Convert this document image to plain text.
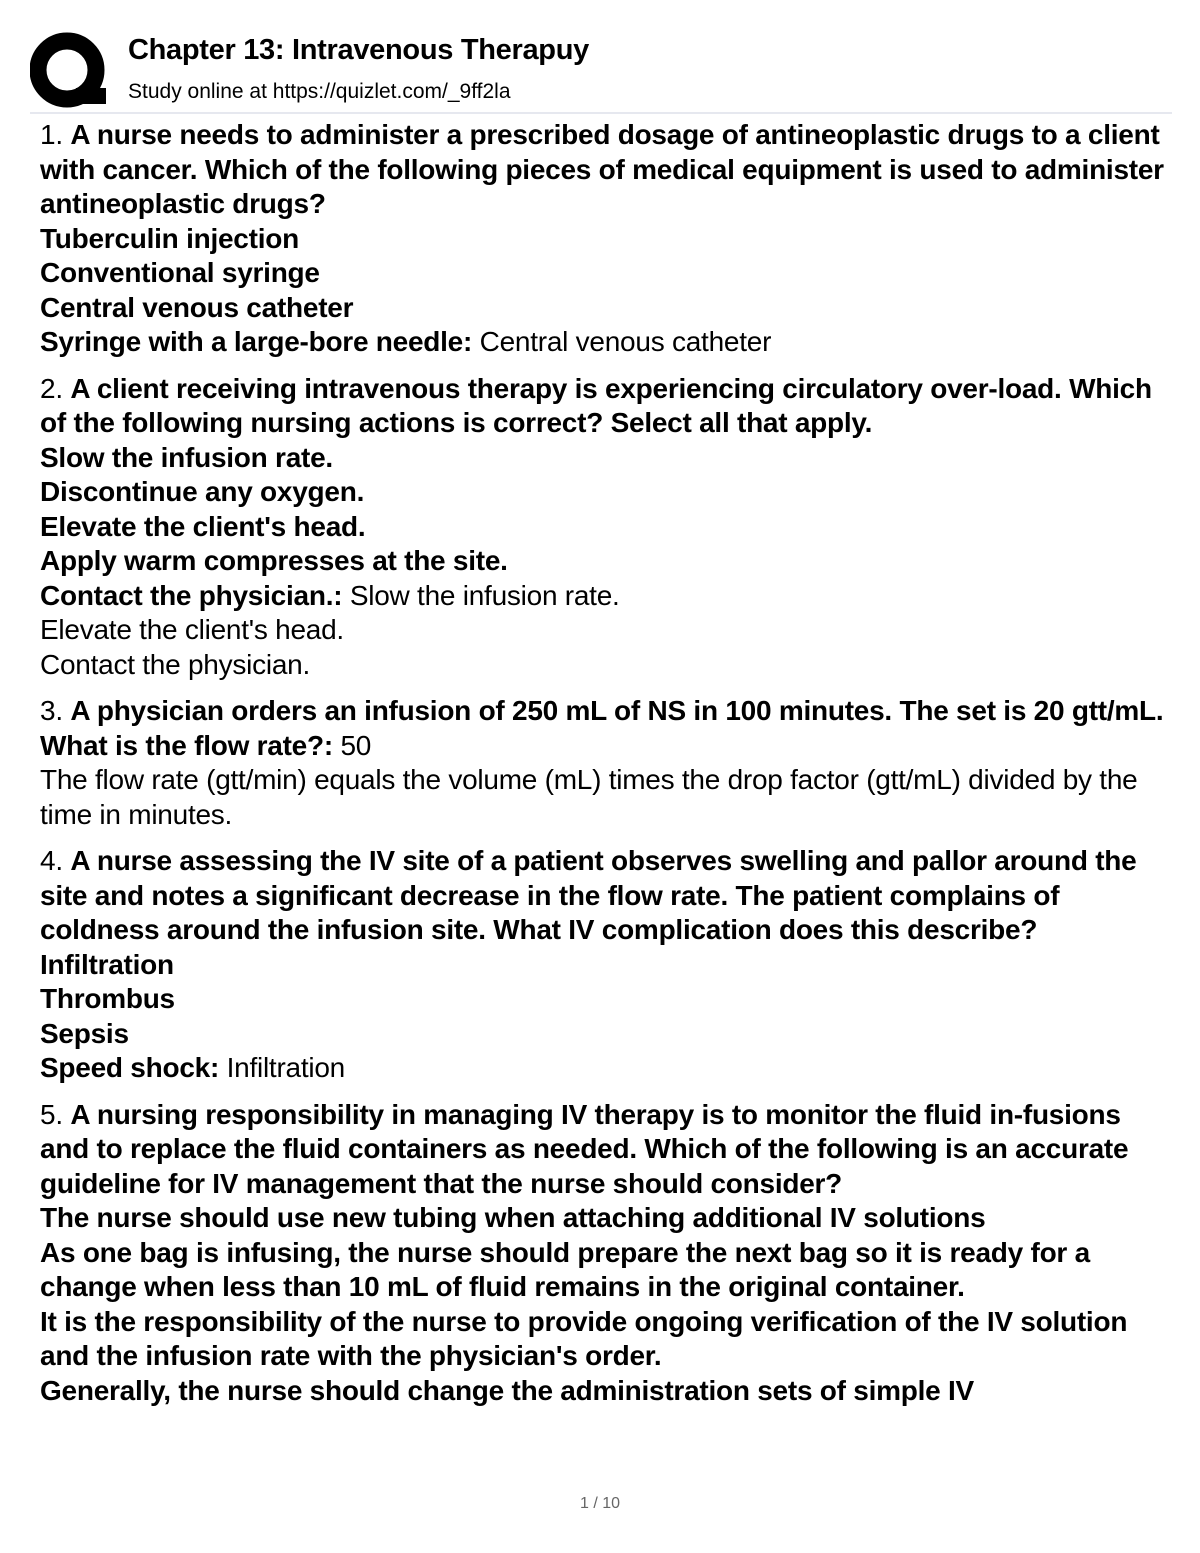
Chapter 13: Intravenous Therapuy
Study online at https://quizlet.com/_9ff2la

1. A nurse needs to administer a prescribed dosage of antineoplastic drugs to a client with cancer. Which of the following pieces of medical equipment is used to administer antineoplastic drugs?

Tuberculin injection

Conventional syringe

Central venous catheter

Syringe with a large-bore needle: Central venous catheter

2. A client receiving intravenous therapy is experiencing circulatory over-load. Which of the following nursing actions is correct? Select all that apply.

Slow the infusion rate.

Discontinue any oxygen.

Elevate the client's head.

Apply warm compresses at the site.

Contact the physician.: Slow the infusion rate.

Elevate the client's head.

Contact the physician.

3. A physician orders an infusion of 250 mL of NS in 100 minutes. The set is 20 gtt/mL. What is the flow rate?: 50

The flow rate (gtt/min) equals the volume (mL) times the drop factor (gtt/mL) divided by the time in minutes.

4. A nurse assessing the IV site of a patient observes swelling and pallor around the site and notes a significant decrease in the flow rate. The patient complains of coldness around the infusion site. What IV complication does this describe?

Infiltration

Thrombus

Sepsis

Speed shock: Infiltration

5. A nursing responsibility in managing IV therapy is to monitor the fluid in-fusions and to replace the fluid containers as needed. Which of the following is an accurate guideline for IV management that the nurse should consider?

The nurse should use new tubing when attaching additional IV solutions

As one bag is infusing, the nurse should prepare the next bag so it is ready for a change when less than 10 mL of fluid remains in the original container.

It is the responsibility of the nurse to provide ongoing verification of the IV solution and the infusion rate with the physician's order.

Generally, the nurse should change the administration sets of simple IV

1 / 10
